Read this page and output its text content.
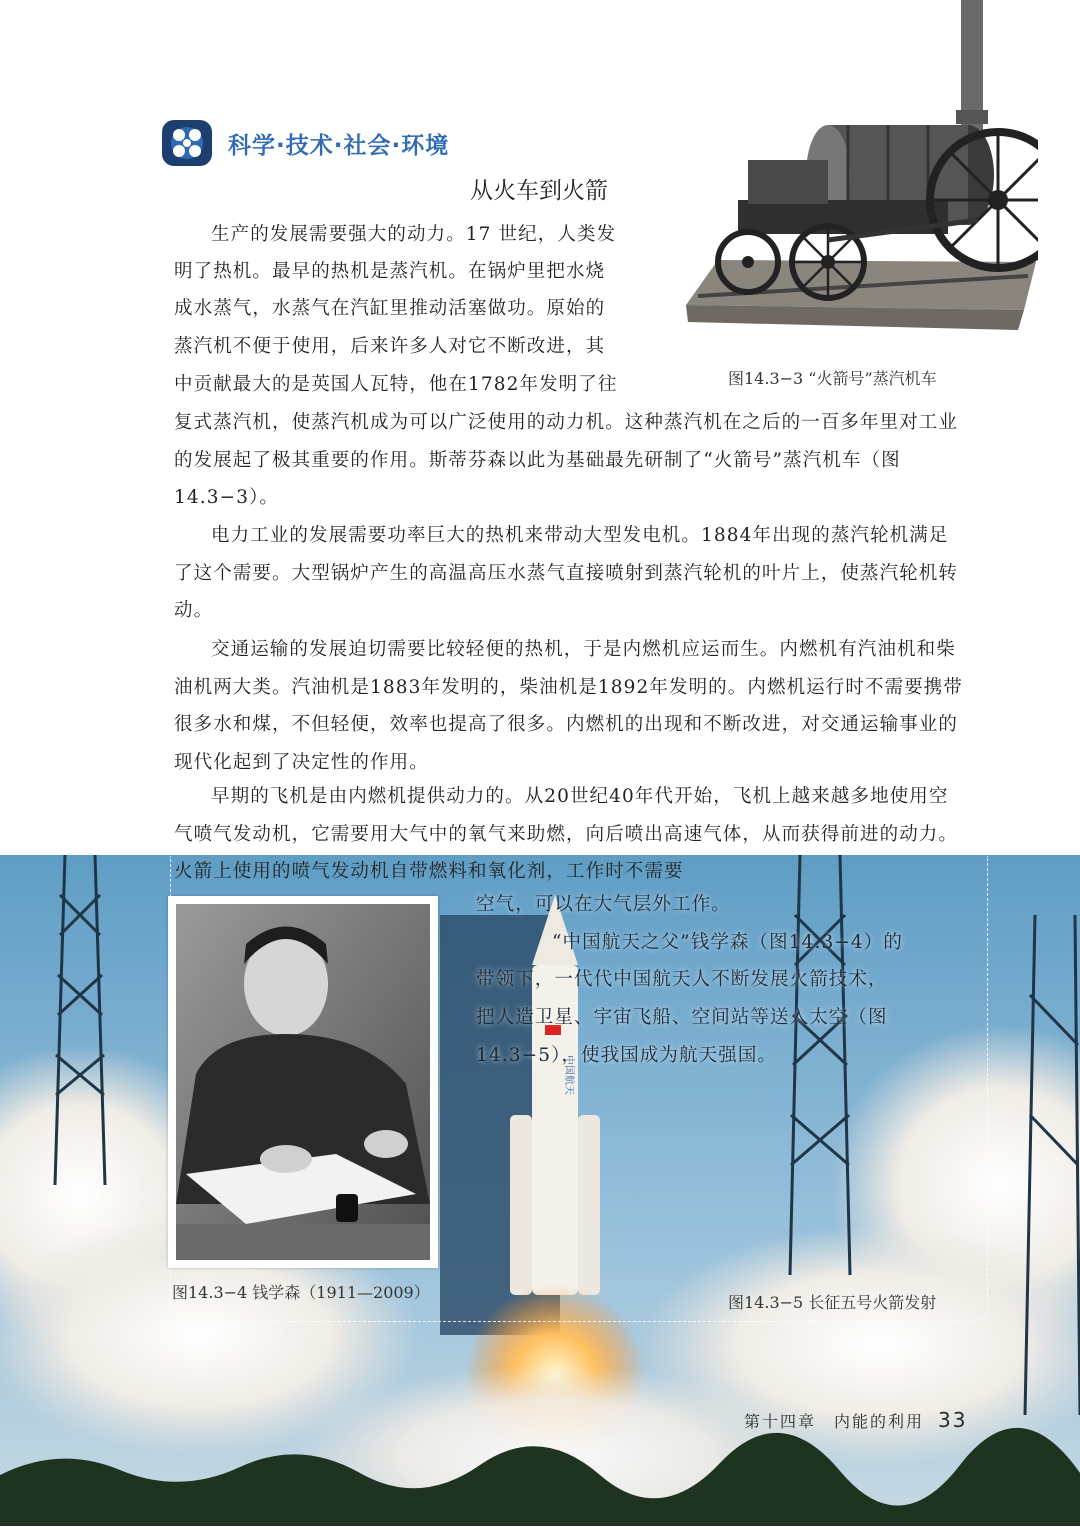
科学·技术·社会·环境
从火车到火箭

生产的发展需要强大的动力。17 世纪，人类发

明了热机。最早的热机是蒸汽机。在锅炉里把水烧

成水蒸气，水蒸气在汽缸里推动活塞做功。原始的

蒸汽机不便于使用，后来许多人对它不断改进，其

中贡献最大的是英国人瓦特，他在1782年发明了往	图14.3−3 “火箭号”蒸汽机车

复式蒸汽机，使蒸汽机成为可以广泛使用的动力机。这种蒸汽机在之后的一百多年里对工业的发展起了极其重要的作用。斯蒂芬森以此为基础最先研制了“火箭号”蒸汽机车（图14.3−3）。

电力工业的发展需要功率巨大的热机来带动大型发电机。1884年出现的蒸汽轮机满足了这个需要。大型锅炉产生的高温高压水蒸气直接喷射到蒸汽轮机的叶片上，使蒸汽轮机转动。

交通运输的发展迫切需要比较轻便的热机，于是内燃机应运而生。内燃机有汽油机和柴油机两大类。汽油机是1883年发明的，柴油机是1892年发明的。内燃机运行时不需要携带很多水和煤，不但轻便，效率也提高了很多。内燃机的出现和不断改进，对交通运输事业的现代化起到了决定性的作用。

中国航天

早期的飞机是由内燃机提供动力的。从20世纪40年代开始，飞机上越来越多地使用空气喷气发动机，它需要用大气中的氧气来助燃，向后喷出高速气体，从而获得前进的动力。火箭上使用的喷气发动机自带燃料和氧化剂，工作时不需要

空气，可以在大气层外工作。

“中国航天之父”钱学森（图14.3−4）的

带领下，一代代中国航天人不断发展火箭技术，

把人造卫星、宇宙飞船、空间站等送入太空（图

14.3−5），使我国成为航天强国。

图14.3−4 钱学森（1911—2009）
图14.3−5 长征五号火箭发射
第十四章　内能的利用 33
